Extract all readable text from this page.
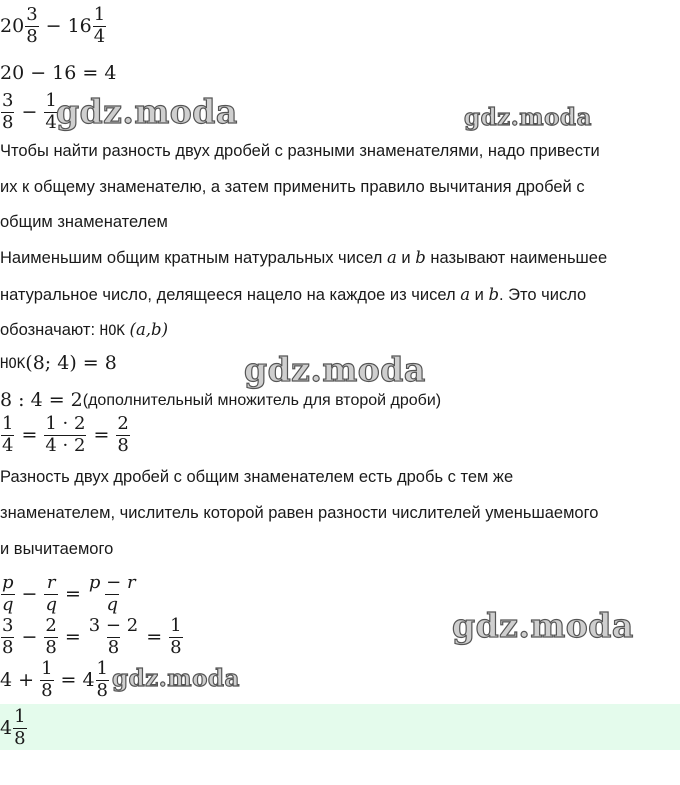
$20 \frac{3}{8} - 16 \frac{1}{4}$
20 − 16 = 4
$\frac{3}{8} - \frac{1}{4}$
Чтобы найти разность двух дробей с разными знаменателями, надо привести
их к общему знаменателю, а затем применить правило вычитания дробей с
общим знаменателем
Наименьшим общим кратным натуральных чисел a и b называют наименьшее
натуральное число, делящееся нацело на каждое из чисел a и b. Это число
обозначают: НОК (a,b)
НОК (8; 4) = 8
8 : 4 = 2 (дополнительный множитель для второй дроби)
$\frac{1}{4} = \frac{1 \cdot 2}{4 \cdot 2} = \frac{2}{8}$
Разность двух дробей с общим знаменателем есть дробь с тем же
знаменателем, числитель которой равен разности числителей уменьшаемого
и вычитаемого
$\frac{p}{q} - \frac{r}{q} = \frac{p - r}{q}$
$\frac{3}{8} - \frac{2}{8} = \frac{3 - 2}{8} = \frac{1}{8}$
$4 + \frac{1}{8} = 4 \frac{1}{8}$
$4 \frac{1}{8}$
gdz.moda	gdz.moda
gdz.moda
gdz.moda
gdz.moda
